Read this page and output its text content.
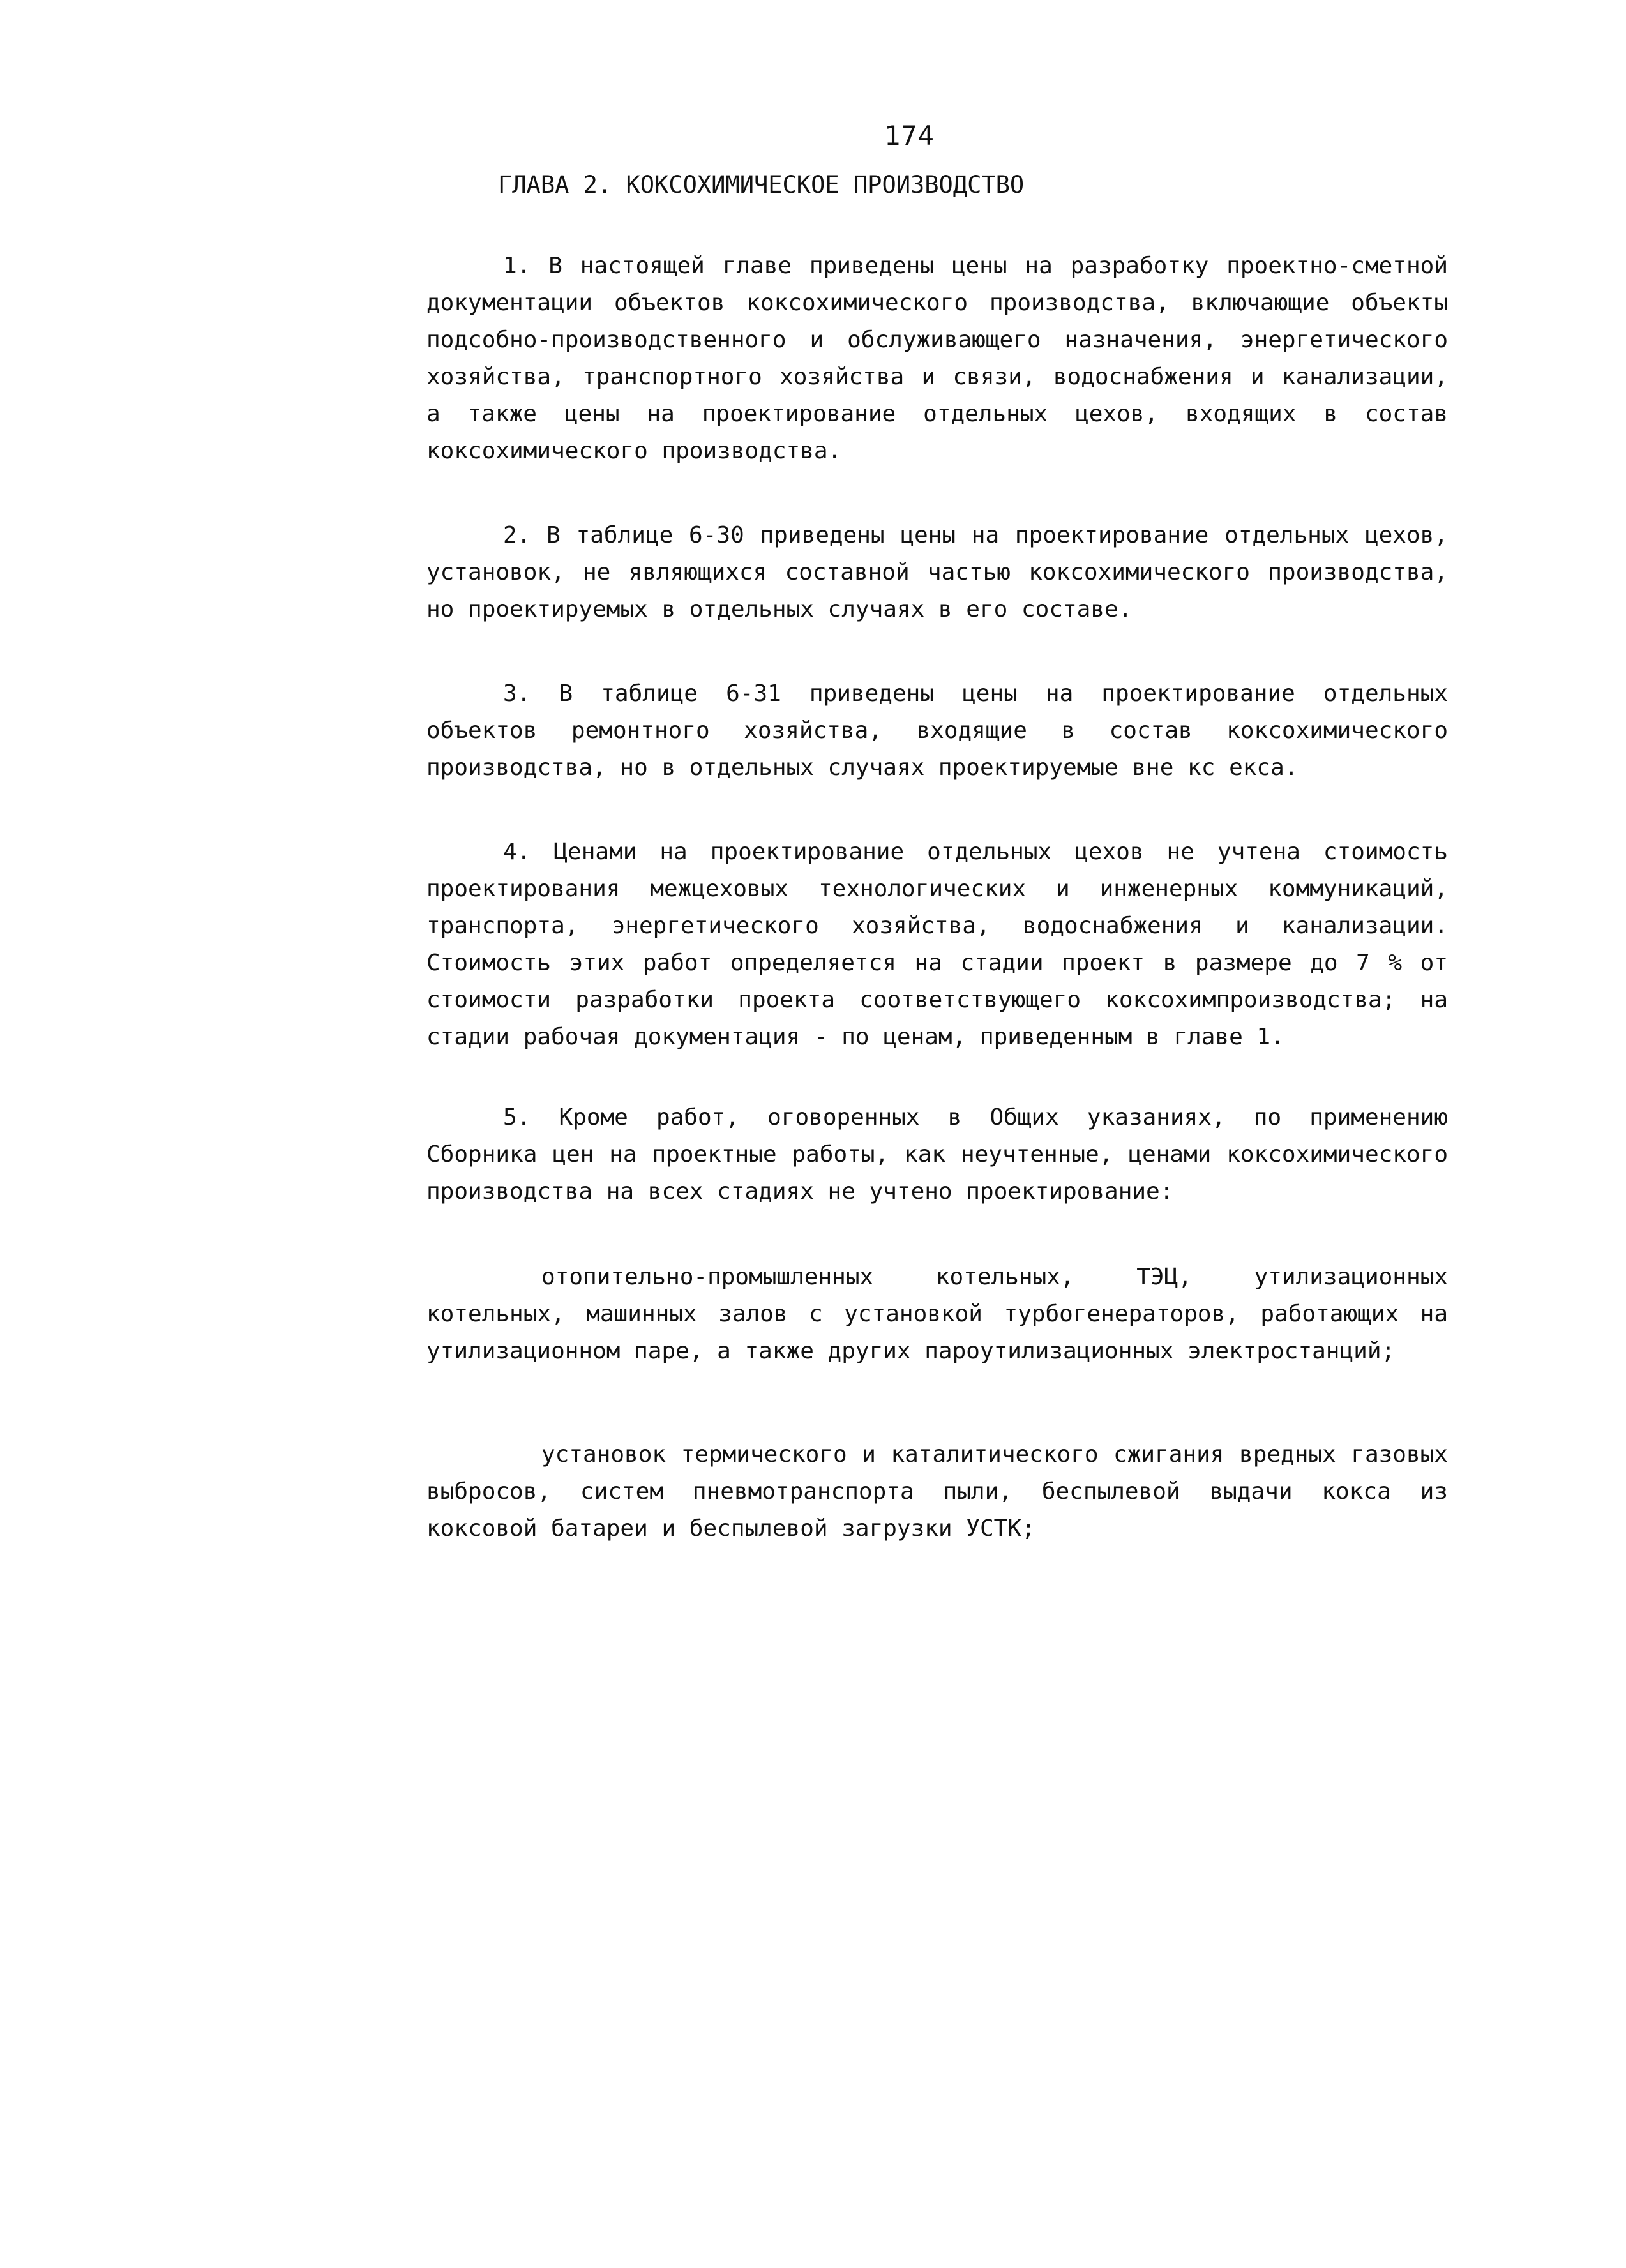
174
ГЛАВА 2. КОКСОХИМИЧЕСКОЕ ПРОИЗВОДСТВО

1. В настоящей главе приведены цены на разработку проектно-сметной документации объектов коксохимического производства, включающие объекты подсобно-производственного и обслуживающего назначения, энергетического хозяйства, транспортного хозяйства и связи, водоснабжения и канализации, а также цены на проектирование отдельных цехов, входящих в состав коксохимического производства.

2. В таблице 6-30 приведены цены на проектирование отдельных цехов, установок, не являющихся составной частью коксохимического производства, но проектируемых в отдельных случаях в его составе.

3. В таблице 6-31 приведены цены на проектирование отдельных объектов ремонтного хозяйства, входящие в состав коксохимического производства, но в отдельных случаях проектируемые вне кс екса.

4. Ценами на проектирование отдельных цехов не учтена стоимость проектирования межцеховых технологических и инженерных коммуникаций, транспорта, энергетического хозяйства, водоснабжения и канализации. Стоимость этих работ определяется на стадии проект в размере до 7 % от стоимости разработки проекта соответствующего коксохимпроизводства; на стадии рабочая документация - по ценам, приведенным в главе 1.

5. Кроме работ, оговоренных в Общих указаниях, по применению Сборника цен на проектные работы, как неучтенные, ценами коксохимического производства на всех стадиях не учтено проектирование:

отопительно-промышленных котельных, ТЭЦ, утилизационных котельных, машинных залов с установкой турбогенераторов, работающих на утилизационном паре, а также других пароутилизационных электростанций;

установок термического и каталитического сжигания вредных газовых выбросов, систем пневмотранспорта пыли, беспылевой выдачи кокса из коксовой батареи и беспылевой загрузки УСТК;
